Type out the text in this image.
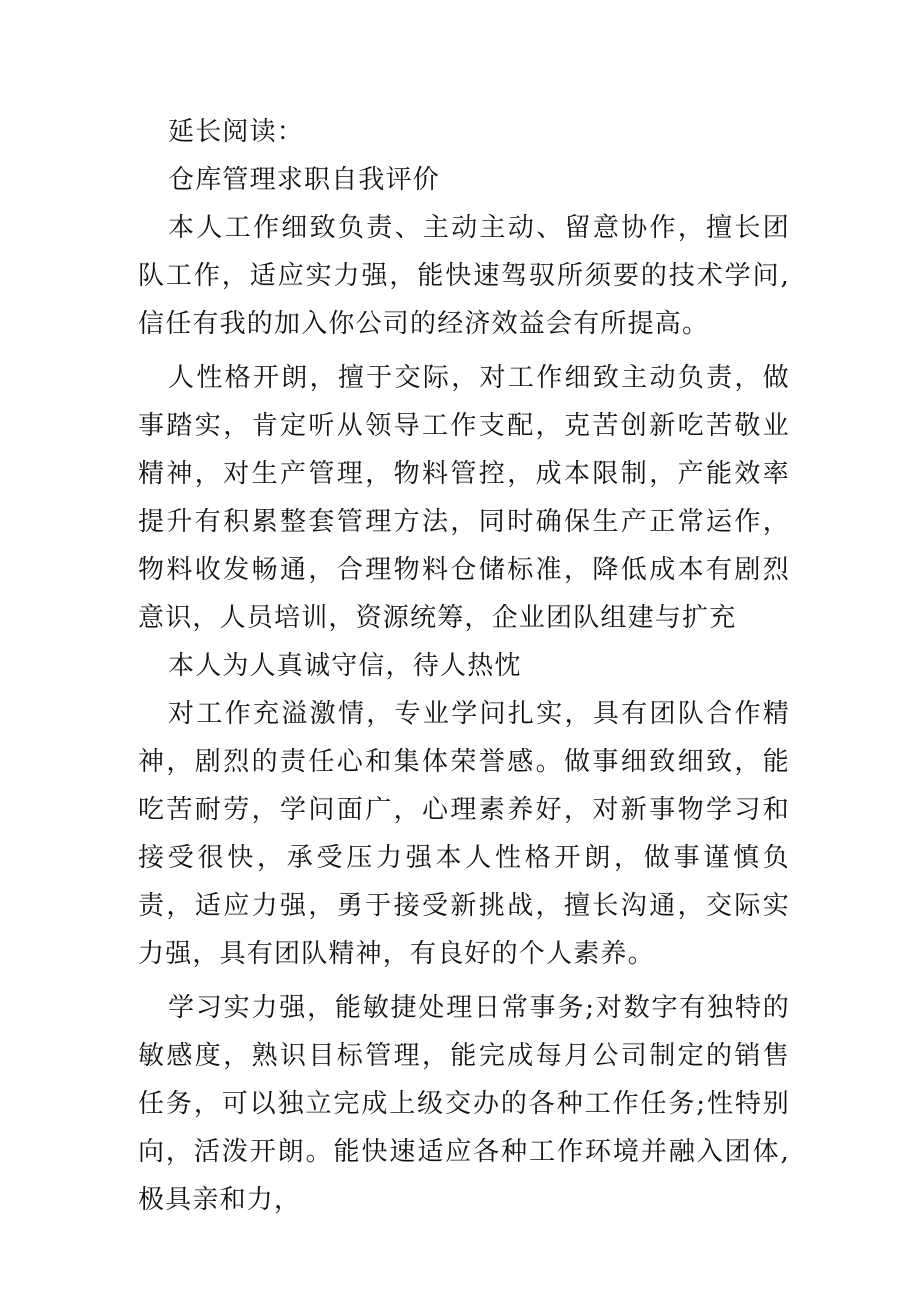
延长阅读：

仓库管理求职自我评价

本人工作细致负责、主动主动、留意协作，擅长团队工作，适应实力强，能快速驾驭所须要的技术学问,信任有我的加入你公司的经济效益会有所提高。

人性格开朗，擅于交际，对工作细致主动负责，做事踏实，肯定听从领导工作支配，克苦创新吃苦敬业精神，对生产管理，物料管控，成本限制，产能效率提升有积累整套管理方法，同时确保生产正常运作，物料收发畅通，合理物料仓储标准，降低成本有剧烈意识，人员培训，资源统筹，企业团队组建与扩充

本人为人真诚守信，待人热忱

对工作充溢激情，专业学问扎实，具有团队合作精神，剧烈的责任心和集体荣誉感。做事细致细致，能吃苦耐劳，学问面广，心理素养好，对新事物学习和接受很快，承受压力强本人性格开朗，做事谨慎负责，适应力强，勇于接受新挑战，擅长沟通，交际实力强，具有团队精神，有良好的个人素养。

学习实力强，能敏捷处理日常事务;对数字有独特的敏感度，熟识目标管理，能完成每月公司制定的销售任务，可以独立完成上级交办的各种工作任务;性特别向，活泼开朗。能快速适应各种工作环境并融入团体,极具亲和力，
